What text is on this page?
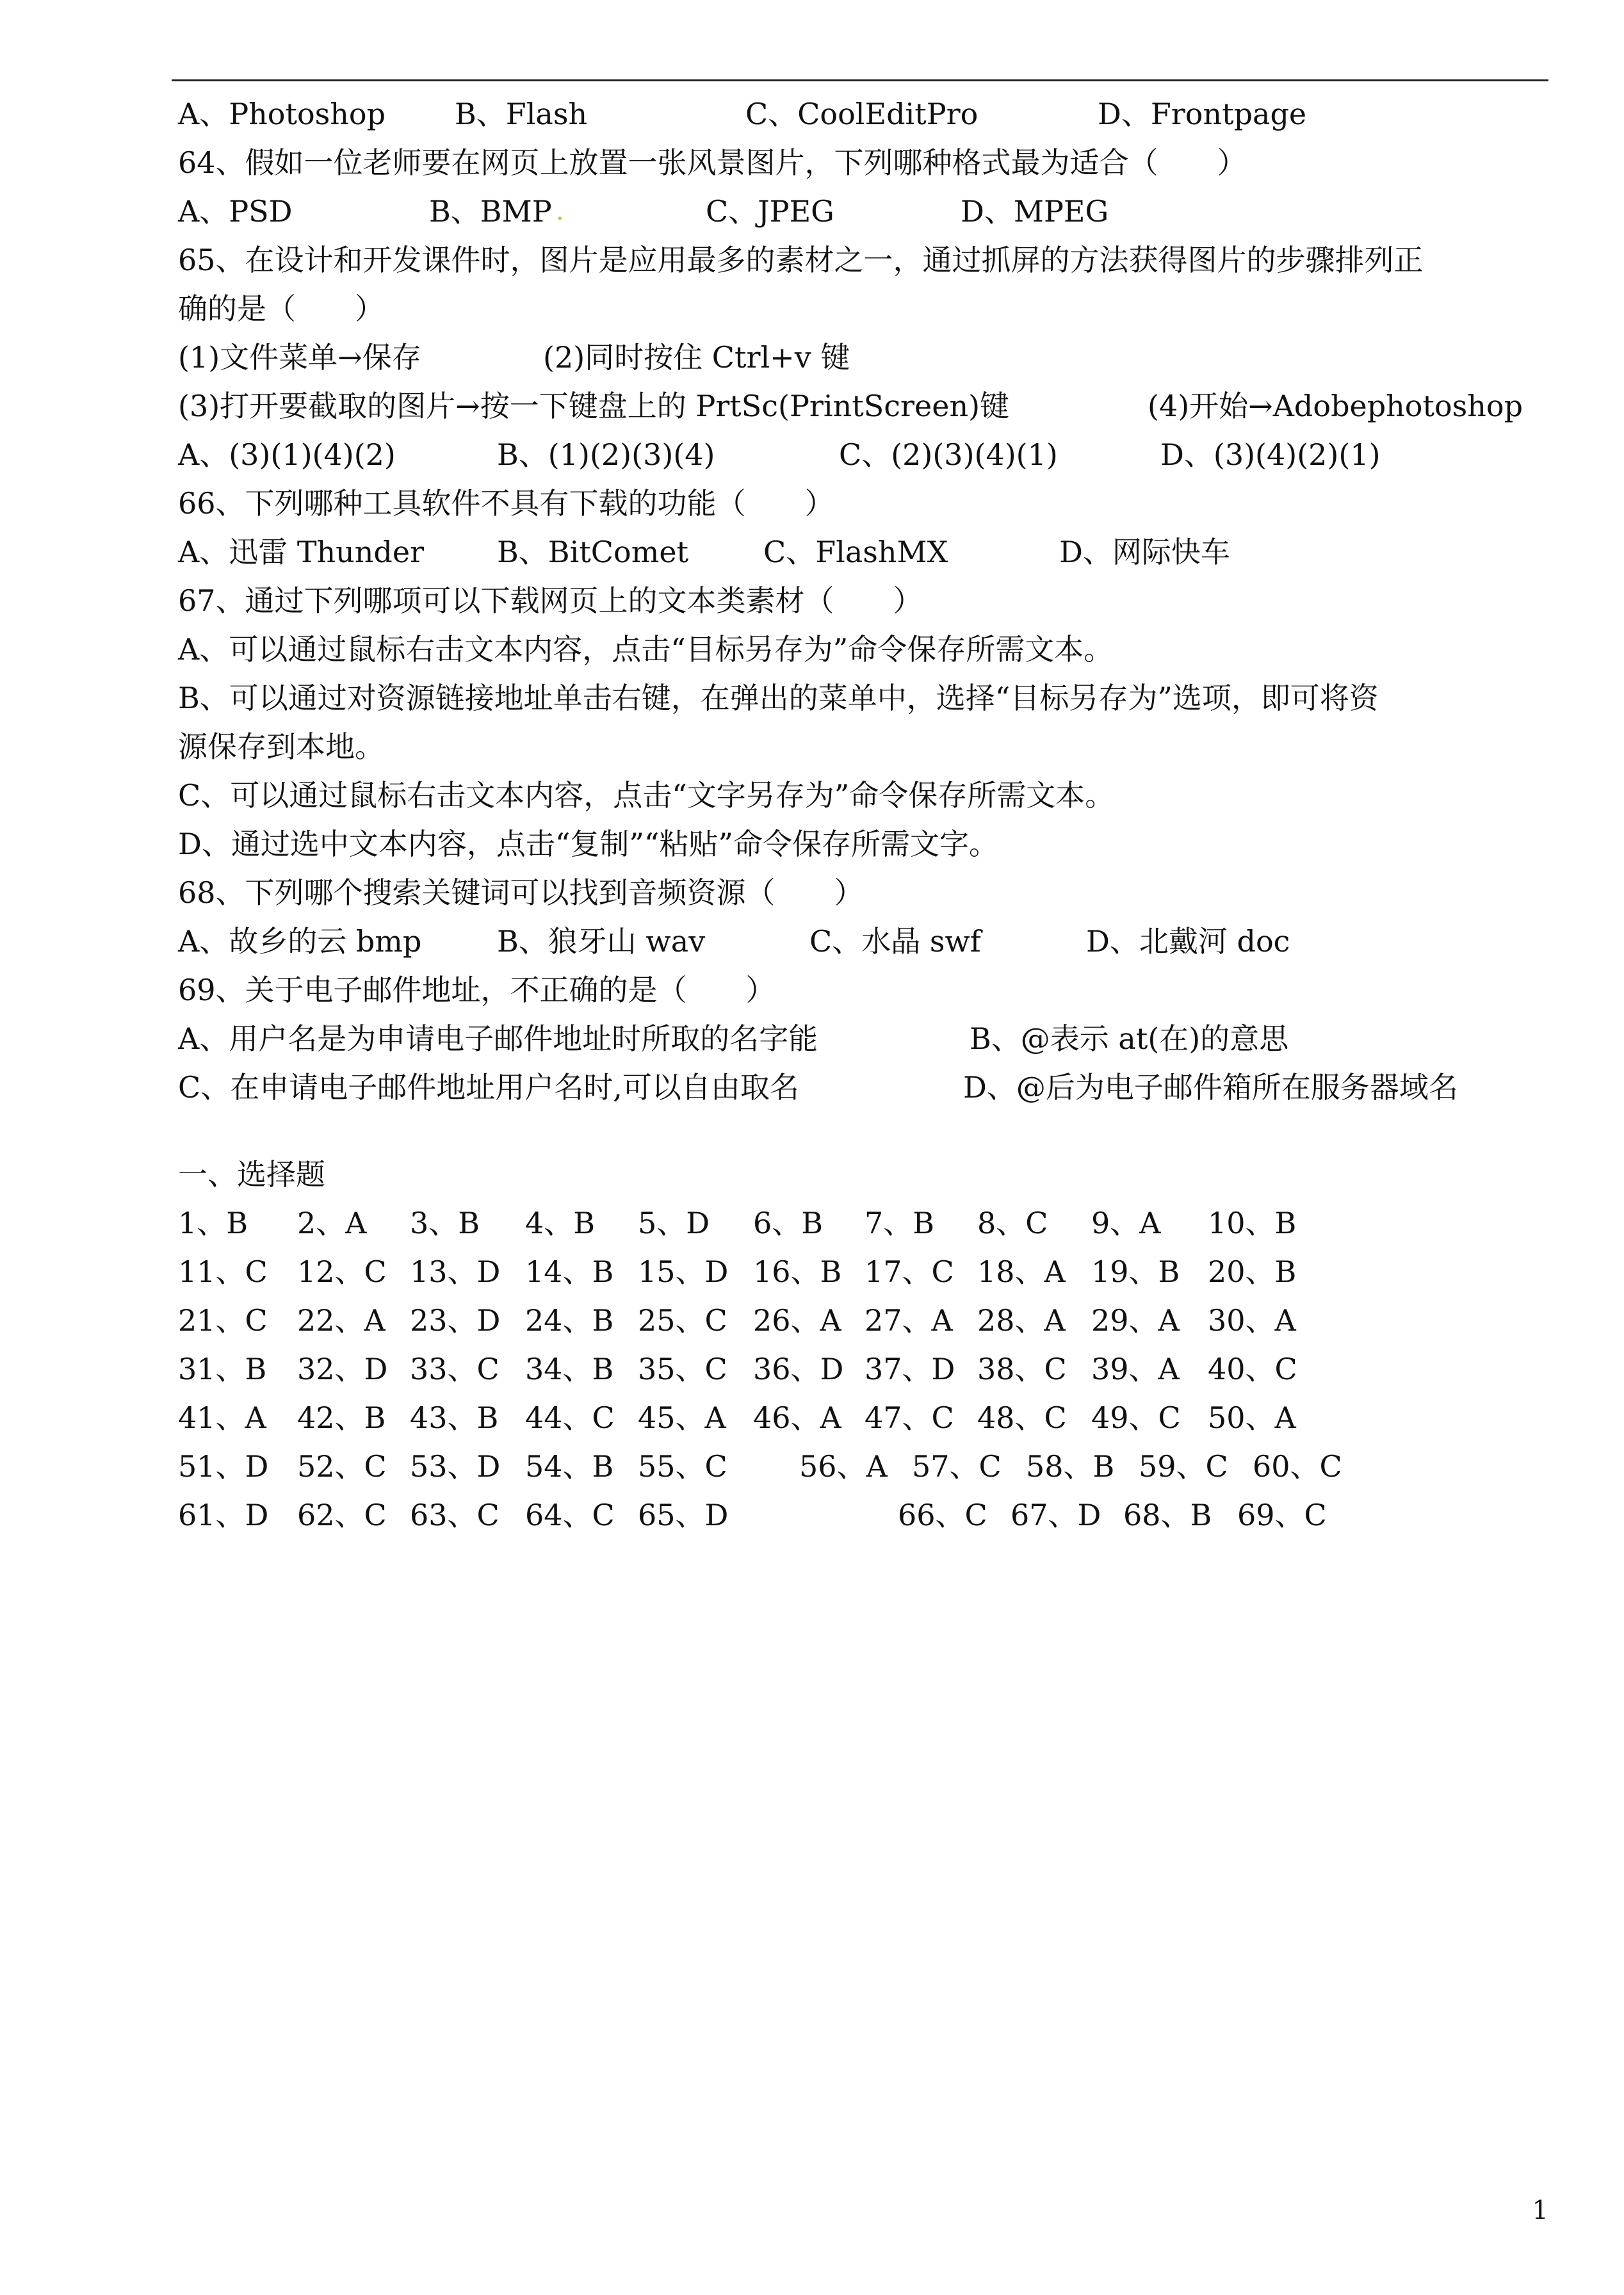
A、Photoshop B、Flash	C、CoolEditPro	D、Frontpage
64、假如一位老师要在网页上放置一张风景图片，下列哪种格式最为适合（　　）
A、PSD	.
B、BMP	C、JPEG	D、MPEG
65、在设计和开发课件时，图片是应用最多的素材之一，通过抓屏的方法获得图片的步骤排列正
确的是（　　）
(1)文件菜单→保存	(2)同时按住 Ctrl+v 键
(3)打开要截取的图片→按一下键盘上的 PrtSc(PrintScreen)键	(4)开始→Adobephotoshop
A、(3)(1)(4)(2)	B、(1)(2)(3)(4)	C、(2)(3)(4)(1)	D、(3)(4)(2)(1)
66、下列哪种工具软件不具有下载的功能（　　）
A、迅雷 Thunder B、BitComet	C、FlashMX	D、网际快车
67、通过下列哪项可以下载网页上的文本类素材（　　）
A、可以通过鼠标右击文本内容，点击“目标另存为”命令保存所需文本。
B、可以通过对资源链接地址单击右键，在弹出的菜单中，选择“目标另存为”选项，即可将资
源保存到本地。
C、可以通过鼠标右击文本内容，点击“文字另存为”命令保存所需文本。
D、通过选中文本内容，点击“复制”“粘贴”命令保存所需文字。
68、下列哪个搜索关键词可以找到音频资源（　　）
A、故乡的云 bmp	B、狼牙山 wav	C、水晶 swf	D、北戴河 doc
69、关于电子邮件地址，不正确的是（　　）
A、用户名是为申请电子邮件地址时所取的名字能	B、@表示 at(在)的意思
C、在申请电子邮件地址用户名时,可以自由取名	D、@后为电子邮件箱所在服务器域名
一、选择题
1、B 2、A 3、B 4、B 5、D 6、B 7、B 8、C 9、A 10、B
11、C 12、C 13、D 14、B 15、D 16、B 17、C 18、A 19、B 20、B
21、C 22、A 23、D 24、B 25、C 26、A 27、A 28、A 29、A 30、A
31、B 32、D 33、C 34、B 35、C 36、D 37、D 38、C 39、A 40、C
41、A 42、B 43、B 44、C 45、A 46、A 47、C 48、C 49、C 50、A
51、D 52、C 53、D 54、B 55、C 56、A 57、C 58、B 59、C 60、C
61、D 62、C 63、C 64、C 65、D	66、C 67、D 68、B 69、C
1
